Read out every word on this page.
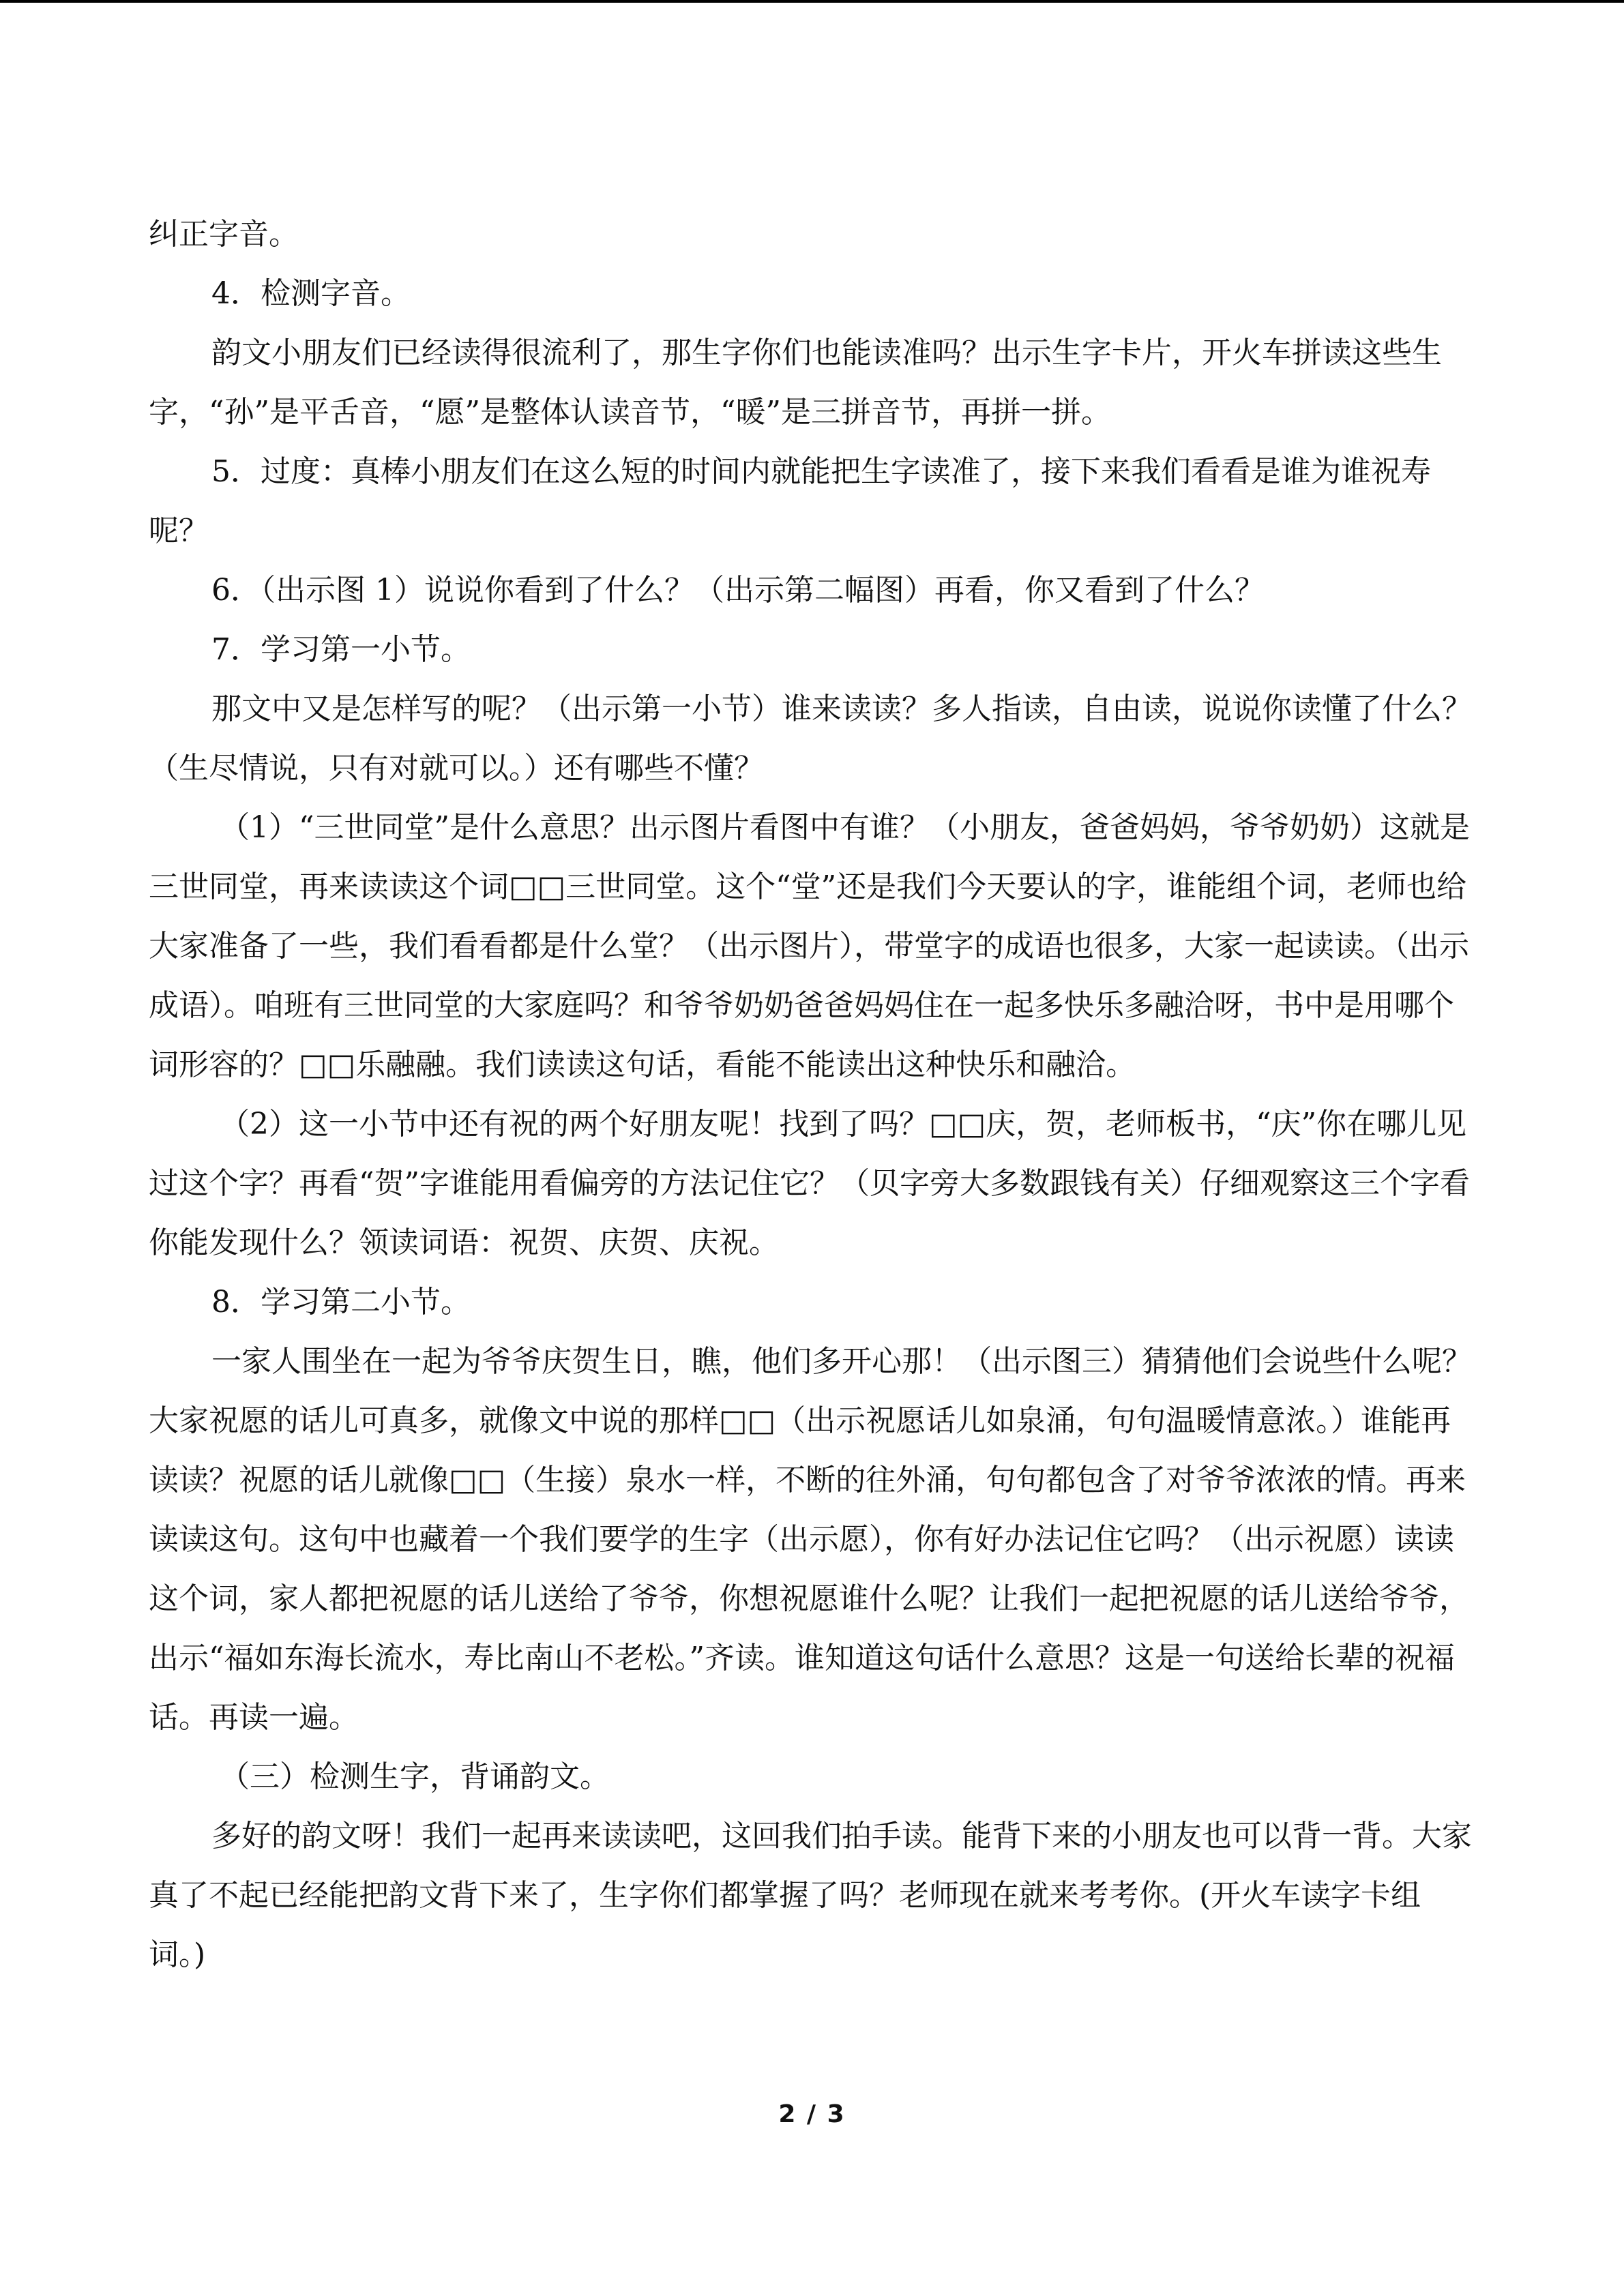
纠正字音。
4．检测字音。
韵文小朋友们已经读得很流利了，那生字你们也能读准吗？出示生字卡片，开火车拼读这些生字，“孙”是平舌音，“愿”是整体认读音节，“暖”是三拼音节，再拼一拼。
5．过度：真棒小朋友们在这么短的时间内就能把生字读准了，接下来我们看看是谁为谁祝寿呢？
6．（出示图 1）说说你看到了什么？（出示第二幅图）再看，你又看到了什么？
7．学习第一小节。
那文中又是怎样写的呢？（出示第一小节）谁来读读？多人指读，自由读，说说你读懂了什么？（生尽情说，只有对就可以。）还有哪些不懂？
（1）“三世同堂”是什么意思？出示图片看图中有谁？（小朋友，爸爸妈妈，爷爷奶奶）这就是三世同堂，再来读读这个词□□三世同堂。这个“堂”还是我们今天要认的字，谁能组个词，老师也给大家准备了一些，我们看看都是什么堂？（出示图片），带堂字的成语也很多，大家一起读读。（出示成语）。咱班有三世同堂的大家庭吗？和爷爷奶奶爸爸妈妈住在一起多快乐多融洽呀，书中是用哪个词形容的？□□乐融融。我们读读这句话，看能不能读出这种快乐和融洽。
（2）这一小节中还有祝的两个好朋友呢！找到了吗？□□庆，贺，老师板书，“庆”你在哪儿见过这个字？再看“贺”字谁能用看偏旁的方法记住它？（贝字旁大多数跟钱有关）仔细观察这三个字看你能发现什么？领读词语：祝贺、庆贺、庆祝。
8．学习第二小节。
一家人围坐在一起为爷爷庆贺生日，瞧，他们多开心那！（出示图三）猜猜他们会说些什么呢？大家祝愿的话儿可真多，就像文中说的那样□□（出示祝愿话儿如泉涌，句句温暖情意浓。）谁能再读读？祝愿的话儿就像□□（生接）泉水一样，不断的往外涌，句句都包含了对爷爷浓浓的情。再来读读这句。这句中也藏着一个我们要学的生字（出示愿），你有好办法记住它吗？（出示祝愿）读读这个词，家人都把祝愿的话儿送给了爷爷，你想祝愿谁什么呢？让我们一起把祝愿的话儿送给爷爷，出示“福如东海长流水，寿比南山不老松。”齐读。谁知道这句话什么意思？这是一句送给长辈的祝福话。再读一遍。
（三）检测生字，背诵韵文。
多好的韵文呀！我们一起再来读读吧，这回我们拍手读。能背下来的小朋友也可以背一背。大家真了不起已经能把韵文背下来了，生字你们都掌握了吗？老师现在就来考考你。(开火车读字卡组词。)
2 / 3
